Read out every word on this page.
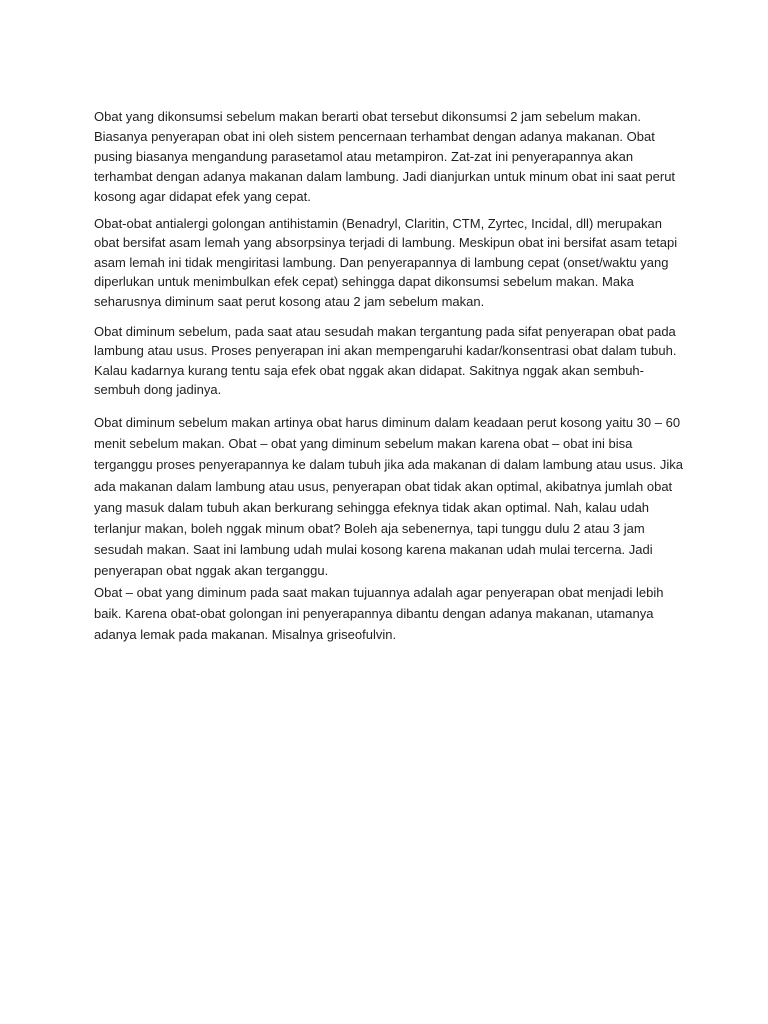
Obat yang dikonsumsi sebelum makan berarti obat tersebut dikonsumsi 2 jam sebelum makan. Biasanya penyerapan obat ini oleh sistem pencernaan terhambat dengan adanya makanan. Obat pusing biasanya mengandung parasetamol atau metampiron. Zat-zat ini penyerapannya akan terhambat dengan adanya makanan dalam lambung. Jadi dianjurkan untuk minum obat ini saat perut kosong agar didapat efek yang cepat.

Obat-obat antialergi golongan antihistamin (Benadryl, Claritin, CTM, Zyrtec, Incidal, dll) merupakan obat bersifat asam lemah yang absorpsinya terjadi di lambung. Meskipun obat ini bersifat asam tetapi asam lemah ini tidak mengiritasi lambung. Dan penyerapannya di lambung cepat (onset/waktu yang diperlukan untuk menimbulkan efek cepat) sehingga dapat dikonsumsi sebelum makan. Maka seharusnya diminum saat perut kosong atau 2 jam sebelum makan.

Obat diminum sebelum, pada saat atau sesudah makan tergantung pada sifat penyerapan obat pada lambung atau usus. Proses penyerapan ini akan mempengaruhi kadar/konsentrasi obat dalam tubuh. Kalau kadarnya kurang tentu saja efek obat nggak akan didapat. Sakitnya nggak akan sembuh-sembuh dong jadinya.

Obat diminum sebelum makan artinya obat harus diminum dalam keadaan perut kosong yaitu 30 – 60 menit sebelum makan. Obat – obat yang diminum sebelum makan karena obat – obat ini bisa terganggu proses penyerapannya ke dalam tubuh jika ada makanan di dalam lambung atau usus. Jika ada makanan dalam lambung atau usus, penyerapan obat tidak akan optimal, akibatnya jumlah obat yang masuk dalam tubuh akan berkurang sehingga efeknya tidak akan optimal. Nah, kalau udah terlanjur makan, boleh nggak minum obat? Boleh aja sebenernya, tapi tunggu dulu 2 atau 3 jam sesudah makan. Saat ini lambung udah mulai kosong karena makanan udah mulai tercerna. Jadi penyerapan obat nggak akan terganggu.
Obat – obat yang diminum pada saat makan tujuannya adalah agar penyerapan obat menjadi lebih baik. Karena obat-obat golongan ini penyerapannya dibantu dengan adanya makanan, utamanya adanya lemak pada makanan. Misalnya griseofulvin.
